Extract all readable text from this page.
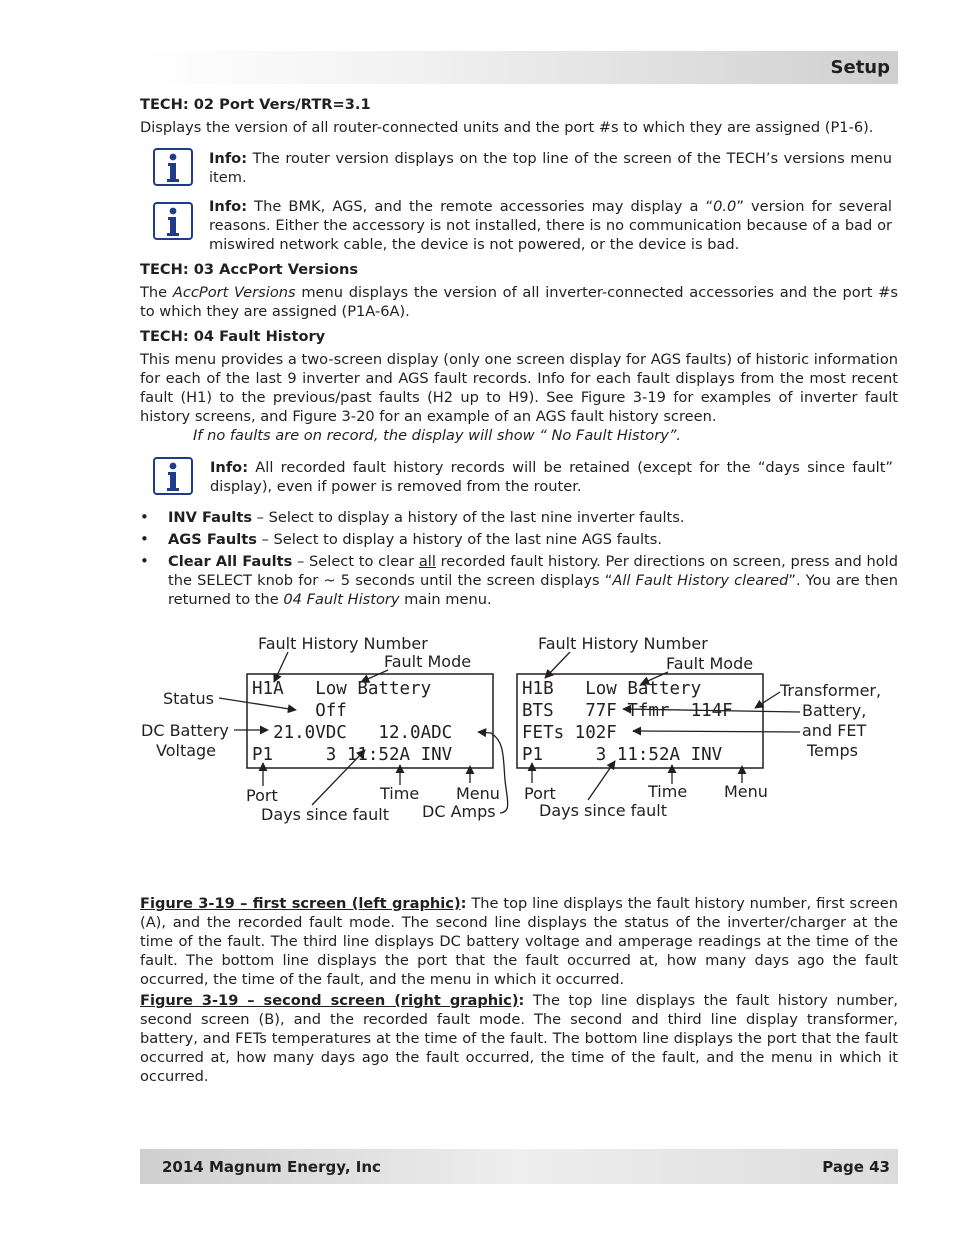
Setup
TECH: 02 Port Vers/RTR=3.1
Displays the version of all router-connected units and the port #s to which they are assigned (P1-6).
Info: The router version displays on the top line of the screen of the TECH’s versions menu item.
Info: The BMK, AGS, and the remote accessories may display a “0.0” version for several reasons. Either the accessory is not installed, there is no communication because of a bad or miswired network cable, the device is not powered, or the device is bad.
TECH: 03 AccPort Versions
The AccPort Versions menu displays the version of all inverter-connected accessories and the port #s to which they are assigned (P1A-6A).
TECH: 04 Fault History
This menu provides a two-screen display (only one screen display for AGS faults) of historic information for each of the last 9 inverter and AGS fault records. Info for each fault displays from the most recent fault (H1) to the previous/past faults (H2 up to H9). See Figure 3-19 for examples of inverter fault history screens, and Figure 3-20 for an example of an AGS fault history screen.
If no faults are on record, the display will show “ No Fault History”.
Info: All recorded fault history records will be retained (except for the “days since fault” display), even if power is removed from the router.
• INV Faults – Select to display a history of the last nine inverter faults.
• AGS Faults – Select to display a history of the last nine AGS faults.
• Clear All Faults – Select to clear all recorded fault history. Per directions on screen, press and hold the SELECT knob for ~ 5 seconds until the screen displays “All Fault History cleared”. You are then returned to the 04 Fault History main menu.
H1A   Low Battery
Off
21.0VDC   12.0ADC
P1     3 11:52A INV
Fault History Number
Fault Mode
Status
DC Battery
Voltage
Port	Time Menu
Days since fault DC Amps
H1B   Low Battery
BTS   77F Tfmr  114F
FETs 102F
P1     3 11:52A INV
Fault History Number
Fault Mode
Transformer,
Battery,
and FET
Temps
Port	Time Menu
Days since fault
Figure 3-19 – first screen (left graphic): The top line displays the fault history number, first screen (A), and the recorded fault mode. The second line displays the status of the inverter/charger at the time of the fault. The third line displays DC battery voltage and amperage readings at the time of the fault. The bottom line displays the port that the fault occurred at, how many days ago the fault occurred, the time of the fault, and the menu in which it occurred.
Figure 3-19 – second screen (right graphic): The top line displays the fault history number, second screen (B), and the recorded fault mode. The second and third line display transformer, battery, and FETs temperatures at the time of the fault. The bottom line displays the port that the fault occurred at, how many days ago the fault occurred, the time of the fault, and the menu in which it occurred.
2014 Magnum Energy, Inc	Page 43
